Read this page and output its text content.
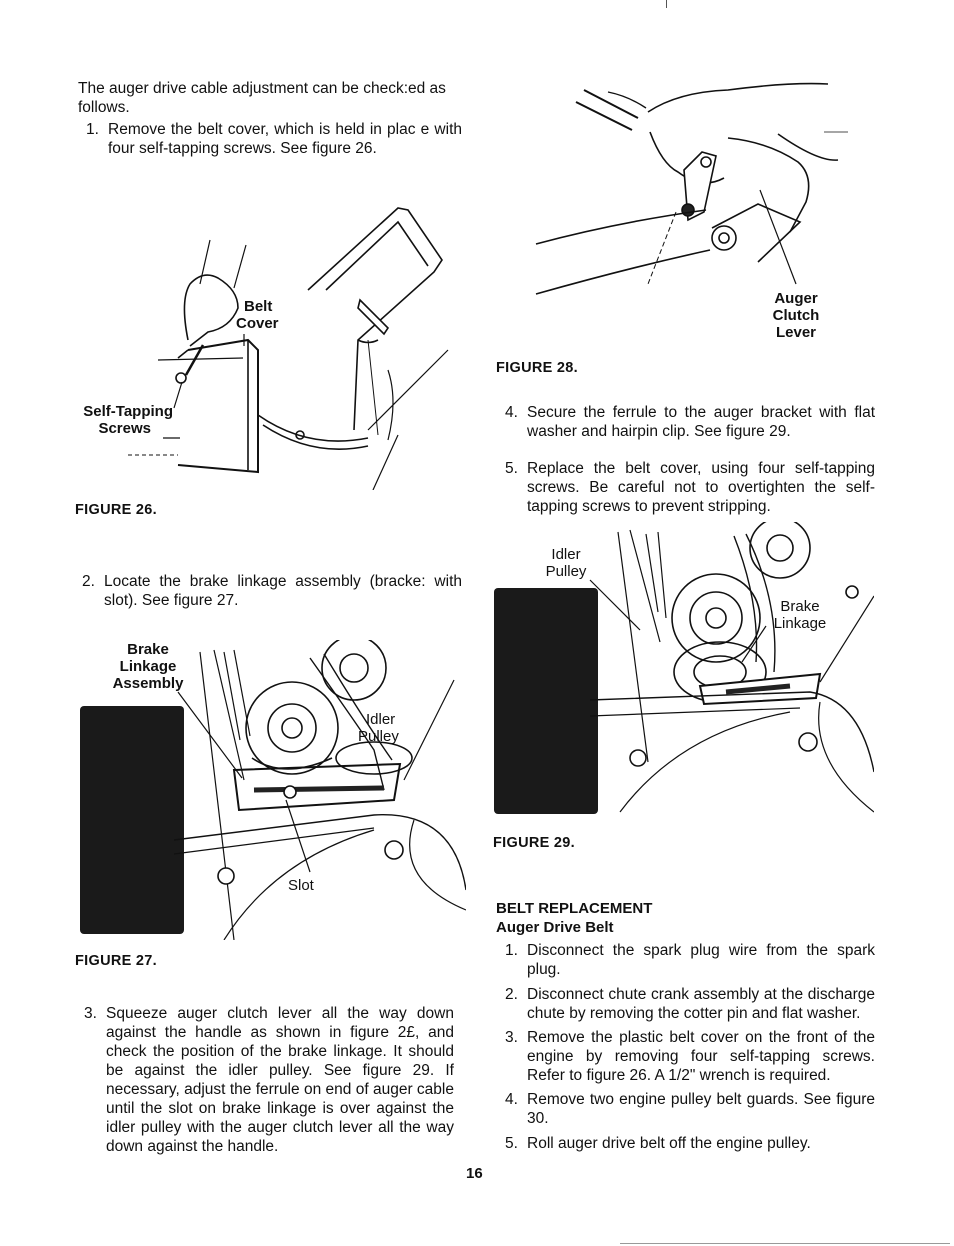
The auger drive cable adjustment can be check:ed as follows.
1. Remove the belt cover, which is held in plac e with four self-tapping screws. See figure 26.
Belt
Cover
Self-Tapping
Screws
FIGURE 26.
2. Locate the brake linkage assembly (bracke: with slot). See figure 27.
Brake
Linkage
Assembly
Idler
Pulley
Slot
FIGURE 27.
3. Squeeze auger clutch lever all the way down against the handle as shown in figure 2£, and check the position of the brake linkage. It should be against the idler pulley. See figure 29. If necessary, adjust the ferrule on end of auger cable until the slot on brake linkage is over against the idler pulley with the auger clutch lever all the way down against the handle.
Auger
Clutch
Lever
FIGURE 28.
4. Secure the ferrule to the auger bracket with flat washer and hairpin clip. See figure 29.
5. Replace the belt cover, using four self-tapping screws. Be careful not to overtighten the self-tapping screws to prevent stripping.
Idler
Pulley
Brake
Linkage
FIGURE 29.
BELT REPLACEMENT
Auger Drive Belt
1. Disconnect the spark plug wire from the spark plug.
2. Disconnect chute crank assembly at the discharge chute by removing the cotter pin and flat washer.
3. Remove the plastic belt cover on the front of the engine by removing four self-tapping screws. Refer to figure 26. A 1/2" wrench is required.
4. Remove two engine pulley belt guards. See figure 30.
5. Roll auger drive belt off the engine pulley.
16
